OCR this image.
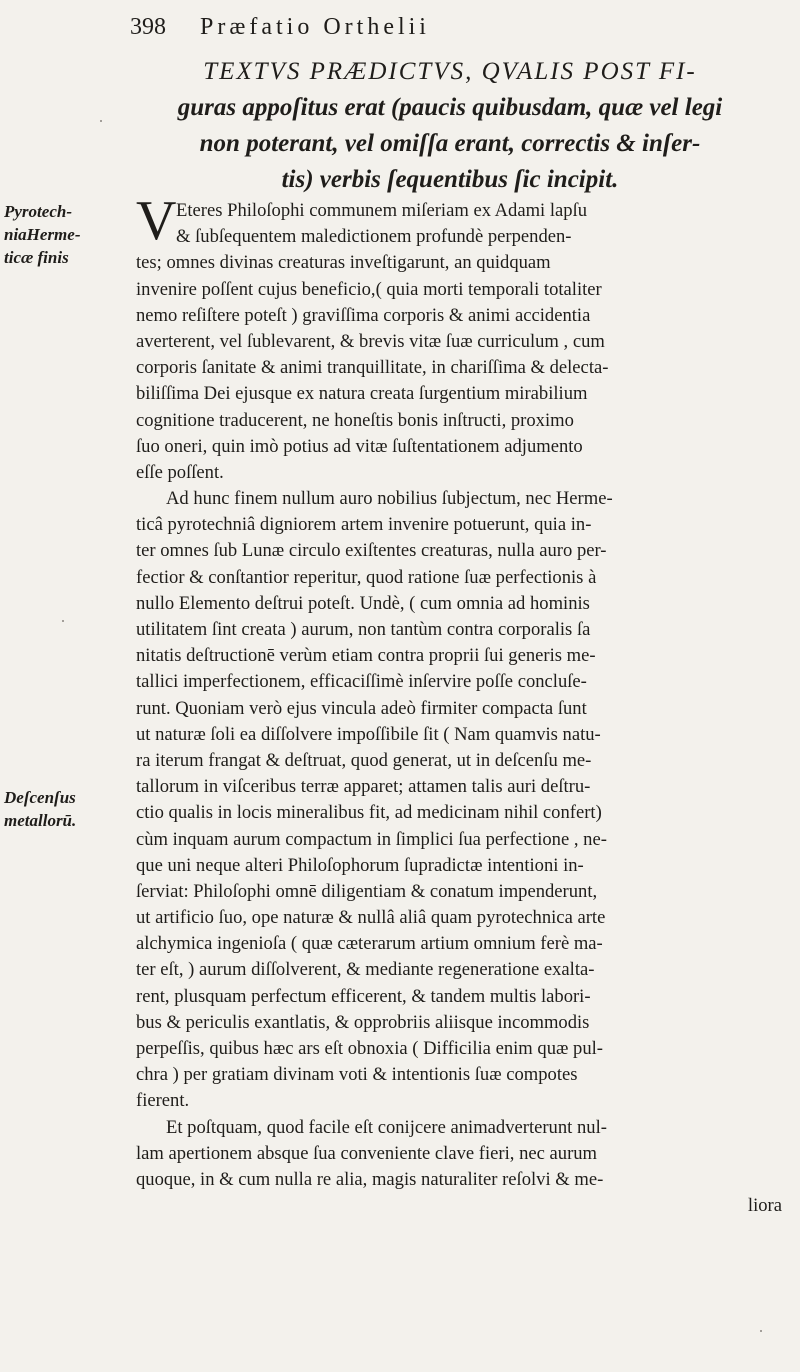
398 Præfatio Orthelii
TEXTVS PRÆDICTVS, QVALIS POST FI-
guras appoſitus erat (paucis quibusdam, quæ vel legi
non poterant, vel omiſſa erant, correctis & inſer-
tis) verbis ſequentibus ſic incipit.
Pyrotech-
niaHerme-
ticæ finis
Deſcenſus
metallorū.
V Eteres Philoſophi communem miſeriam ex Adami lapſu
& ſubſequentem maledictionem profundè perpenden-
tes; omnes divinas creaturas inveſtigarunt, an quidquam
invenire poſſent cujus beneficio,( quia morti temporali totaliter
nemo reſiſtere poteſt ) graviſſima corporis & animi accidentia
averterent, vel ſublevarent, & brevis vitæ ſuæ curriculum , cum
corporis ſanitate & animi tranquillitate, in chariſſima & delecta-
biliſſima Dei ejusque ex natura creata ſurgentium mirabilium
cognitione traducerent, ne honeſtis bonis inſtructi, proximo
ſuo oneri, quin imò potius ad vitæ ſuſtentationem adjumento
eſſe poſſent.
Ad hunc finem nullum auro nobilius ſubjectum, nec Herme-
ticâ pyrotechniâ digniorem artem invenire potuerunt, quia in-
ter omnes ſub Lunæ circulo exiſtentes creaturas, nulla auro per-
fectior & conſtantior reperitur, quod ratione ſuæ perfectionis à
nullo Elemento deſtrui poteſt. Undè, ( cum omnia ad hominis
utilitatem ſint creata ) aurum, non tantùm contra corporalis ſa
nitatis deſtructionē verùm etiam contra proprii ſui generis me-
tallici imperfectionem, efficaciſſimè inſervire poſſe concluſe-
runt. Quoniam verò ejus vincula adeò firmiter compacta ſunt
ut naturæ ſoli ea diſſolvere impoſſibile ſit ( Nam quamvis natu-
ra iterum frangat & deſtruat, quod generat, ut in deſcenſu me-
tallorum in viſceribus terræ apparet; attamen talis auri deſtru-
ctio qualis in locis mineralibus fit, ad medicinam nihil confert)
cùm inquam aurum compactum in ſimplici ſua perfectione , ne-
que uni neque alteri Philoſophorum ſupradictæ intentioni in-
ſerviat: Philoſophi omnē diligentiam & conatum impenderunt,
ut artificio ſuo, ope naturæ & nullâ aliâ quam pyrotechnica arte
alchymica ingenioſa ( quæ cæterarum artium omnium ferè ma-
ter eſt, ) aurum diſſolverent, & mediante regeneratione exalta-
rent, plusquam perfectum efficerent, & tandem multis labori-
bus & periculis exantlatis, & opprobriis aliisque incommodis
perpeſſis, quibus hæc ars eſt obnoxia ( Difficilia enim quæ pul-
chra ) per gratiam divinam voti & intentionis ſuæ compotes
fierent.
Et poſtquam, quod facile eſt conijcere animadverterunt nul-
lam apertionem absque ſua conveniente clave fieri, nec aurum
quoque, in & cum nulla re alia, magis naturaliter reſolvi & me-
liora
